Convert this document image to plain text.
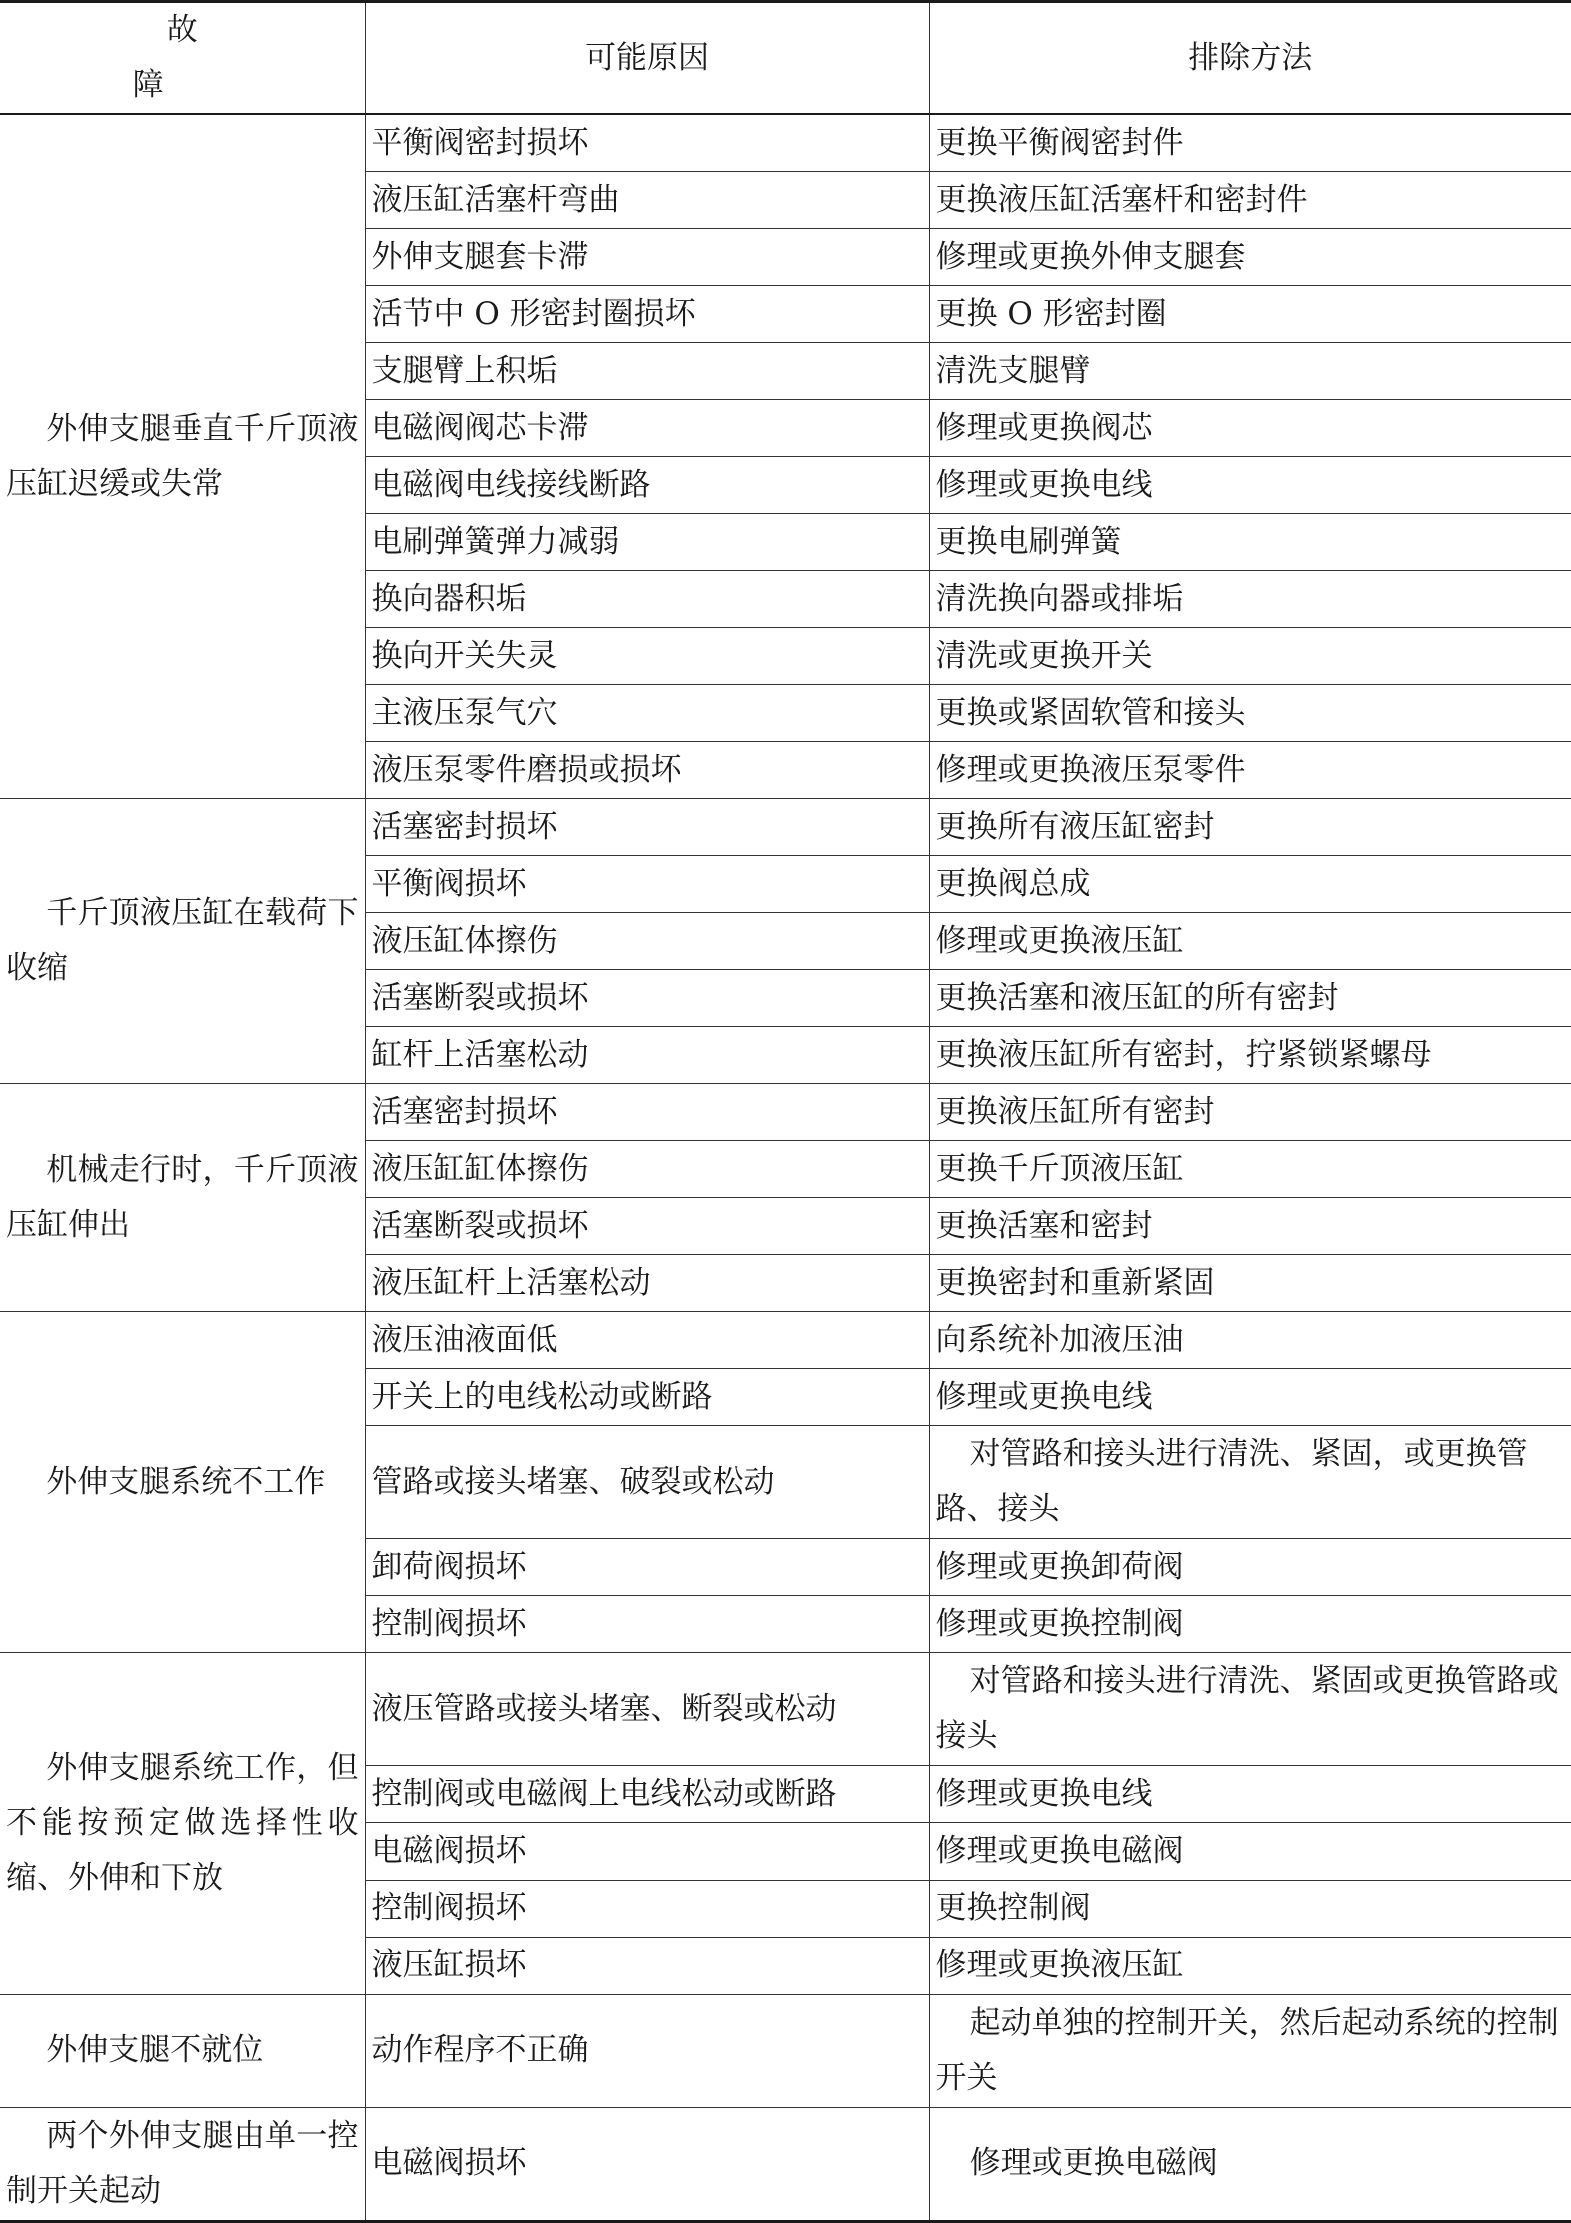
故　　障	可能原因	排除方法
外伸支腿垂直千斤顶液压缸迟缓或失常	平衡阀密封损坏	更换平衡阀密封件
	液压缸活塞杆弯曲	更换液压缸活塞杆和密封件
	外伸支腿套卡滞	修理或更换外伸支腿套
	活节中 O 形密封圈损坏	更换 O 形密封圈
	支腿臂上积垢	清洗支腿臂
	电磁阀阀芯卡滞	修理或更换阀芯
	电磁阀电线接线断路	修理或更换电线
	电刷弹簧弹力减弱	更换电刷弹簧
	换向器积垢	清洗换向器或排垢
	换向开关失灵	清洗或更换开关
	主液压泵气穴	更换或紧固软管和接头
	液压泵零件磨损或损坏	修理或更换液压泵零件
千斤顶液压缸在载荷下收缩	活塞密封损坏	更换所有液压缸密封
	平衡阀损坏	更换阀总成
	液压缸体擦伤	修理或更换液压缸
	活塞断裂或损坏	更换活塞和液压缸的所有密封
	缸杆上活塞松动	更换液压缸所有密封，拧紧锁紧螺母
机械走行时，千斤顶液压缸伸出	活塞密封损坏	更换液压缸所有密封
	液压缸缸体擦伤	更换千斤顶液压缸
	活塞断裂或损坏	更换活塞和密封
	液压缸杆上活塞松动	更换密封和重新紧固
外伸支腿系统不工作	液压油液面低	向系统补加液压油
	开关上的电线松动或断路	修理或更换电线
	管路或接头堵塞、破裂或松动	对管路和接头进行清洗、紧固，或更换管路、接头
	卸荷阀损坏	修理或更换卸荷阀
	控制阀损坏	修理或更换控制阀
外伸支腿系统工作，但不能按预定做选择性收缩、外伸和下放	液压管路或接头堵塞、断裂或松动	对管路和接头进行清洗、紧固或更换管路或接头
	控制阀或电磁阀上电线松动或断路	修理或更换电线
	电磁阀损坏	修理或更换电磁阀
	控制阀损坏	更换控制阀
	液压缸损坏	修理或更换液压缸
外伸支腿不就位	动作程序不正确	起动单独的控制开关，然后起动系统的控制开关
两个外伸支腿由单一控制开关起动	电磁阀损坏	修理或更换电磁阀
